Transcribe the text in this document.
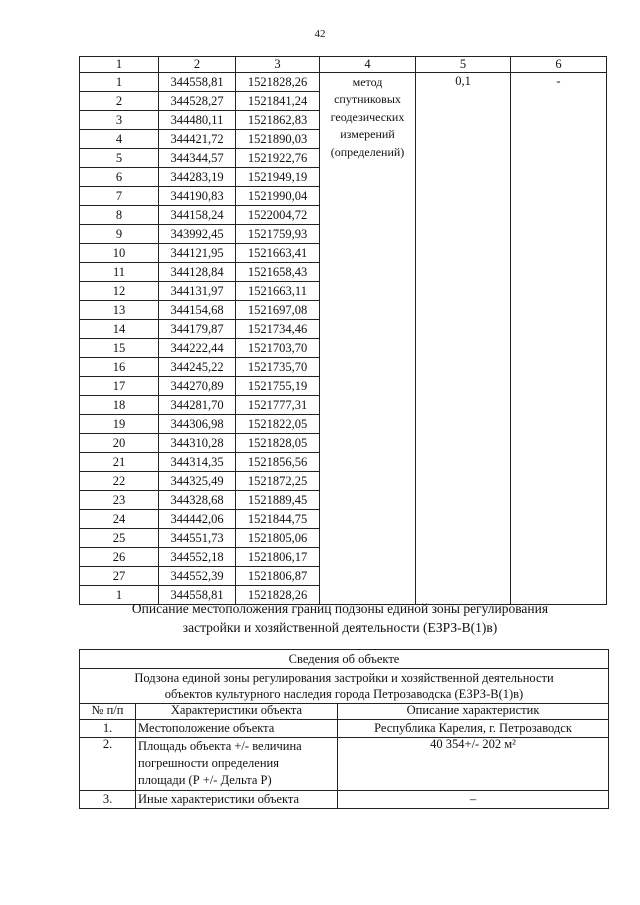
42
1	2	3	4	5	6
1	344558,81	1521828,26	метод
спутниковых
геодезических
измерений
(определений)	0,1	-
2	344528,27	1521841,24			
3	344480,11	1521862,83			
4	344421,72	1521890,03			
5	344344,57	1521922,76			
6	344283,19	1521949,19			
7	344190,83	1521990,04			
8	344158,24	1522004,72			
9	343992,45	1521759,93			
10	344121,95	1521663,41			
11	344128,84	1521658,43			
12	344131,97	1521663,11			
13	344154,68	1521697,08			
14	344179,87	1521734,46			
15	344222,44	1521703,70			
16	344245,22	1521735,70			
17	344270,89	1521755,19			
18	344281,70	1521777,31			
19	344306,98	1521822,05			
20	344310,28	1521828,05			
21	344314,35	1521856,56			
22	344325,49	1521872,25			
23	344328,68	1521889,45			
24	344442,06	1521844,75			
25	344551,73	1521805,06			
26	344552,18	1521806,17			
27	344552,39	1521806,87			
1	344558,81	1521828,26			
Описание местоположения границ подзоны единой зоны регулирования
застройки и хозяйственной деятельности (ЕЗРЗ-В(1)в)
Сведения об объекте		

Подзона единой зоны регулирования застройки и хозяйственной деятельности
объектов культурного наследия города Петрозаводска (ЕЗРЗ-В(1)в)		

№ п/п	Характеристики объекта	Описание характеристик
1.	Местоположение объекта	Республика Карелия, г. Петрозаводск
2.	Площадь объекта +/- величина
погрешности определения
площади (Р +/- Дельта Р)	40 354+/- 202 м²
3.	Иные характеристики объекта	–
